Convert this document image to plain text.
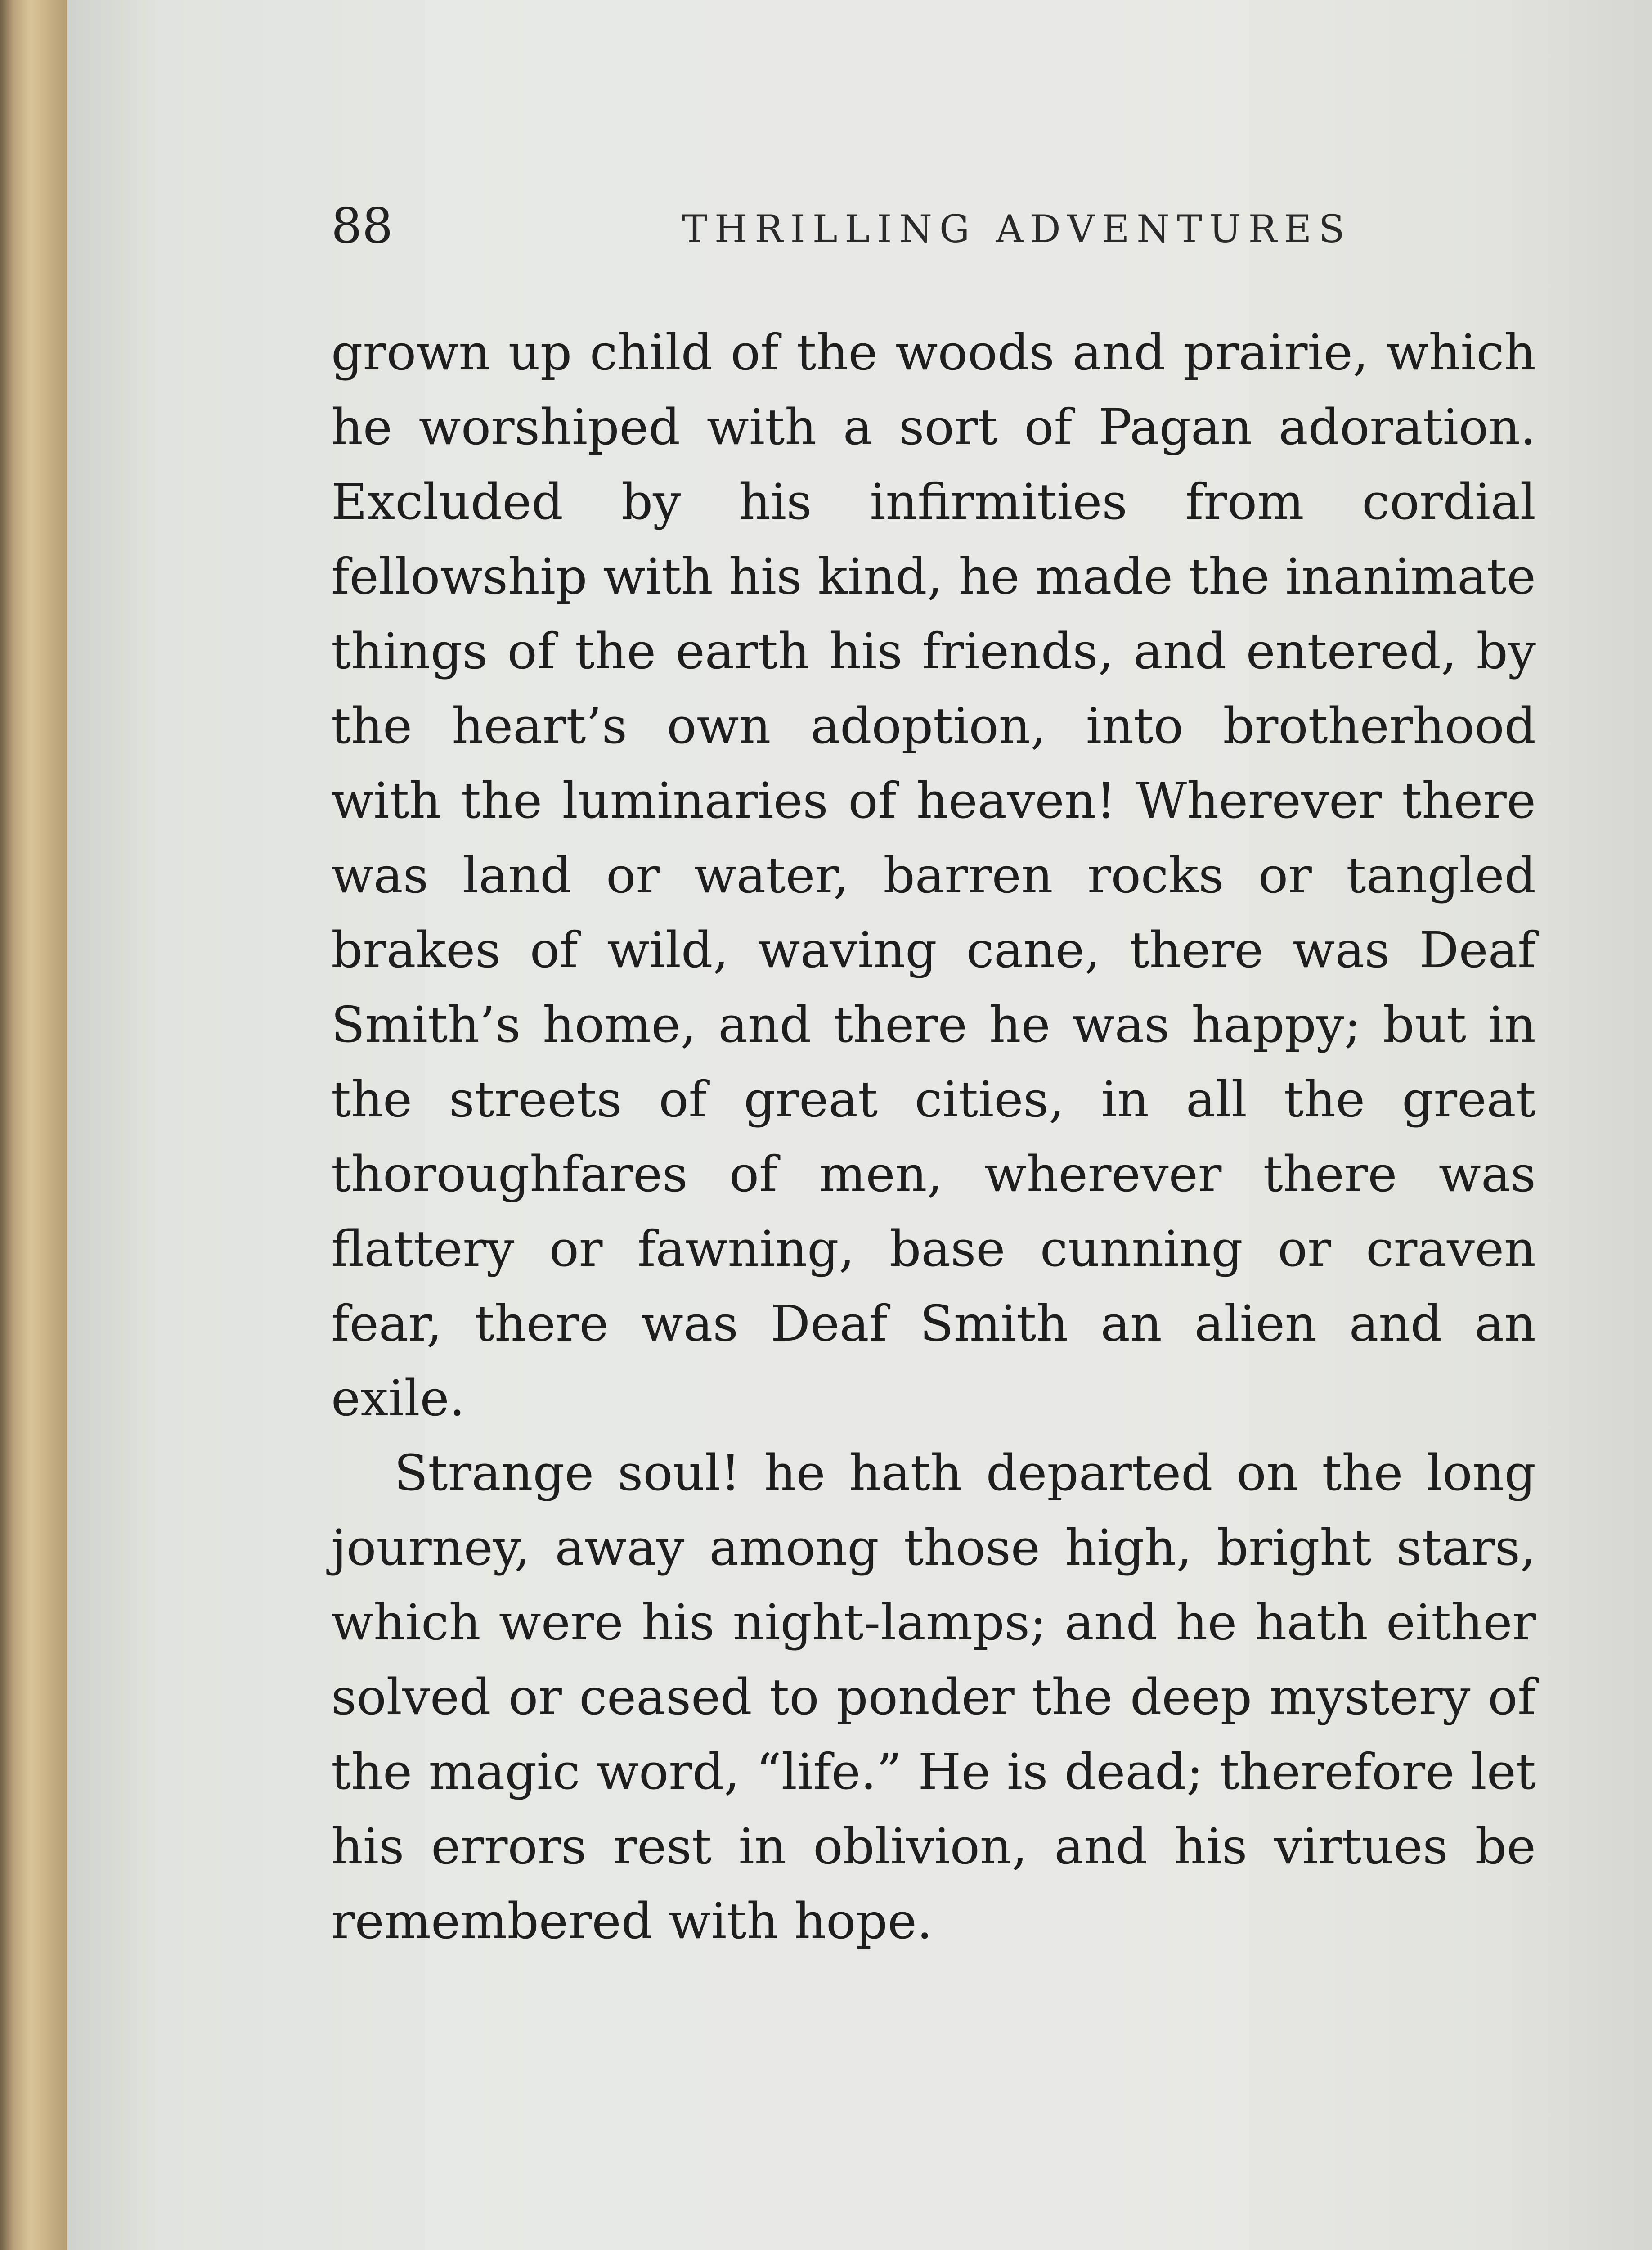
88	THRILLING ADVENTURES

grown up child of the woods and prairie, which he worshiped with a sort of Pagan adoration. Excluded by his infirmities from cordial fellowship with his kind, he made the inanimate things of the earth his friends, and entered, by the heart’s own adoption, into brotherhood with the luminaries of heaven! Wherever there was land or water, barren rocks or tangled brakes of wild, waving cane, there was Deaf Smith’s home, and there he was happy; but in the streets of great cities, in all the great thoroughfares of men, wherever there was flattery or fawning, base cunning or craven fear, there was Deaf Smith an alien and an exile.

Strange soul! he hath departed on the long journey, away among those high, bright stars, which were his night-lamps; and he hath either solved or ceased to ponder the deep mystery of the magic word, “life.” He is dead; therefore let his errors rest in oblivion, and his virtues be remembered with hope.
